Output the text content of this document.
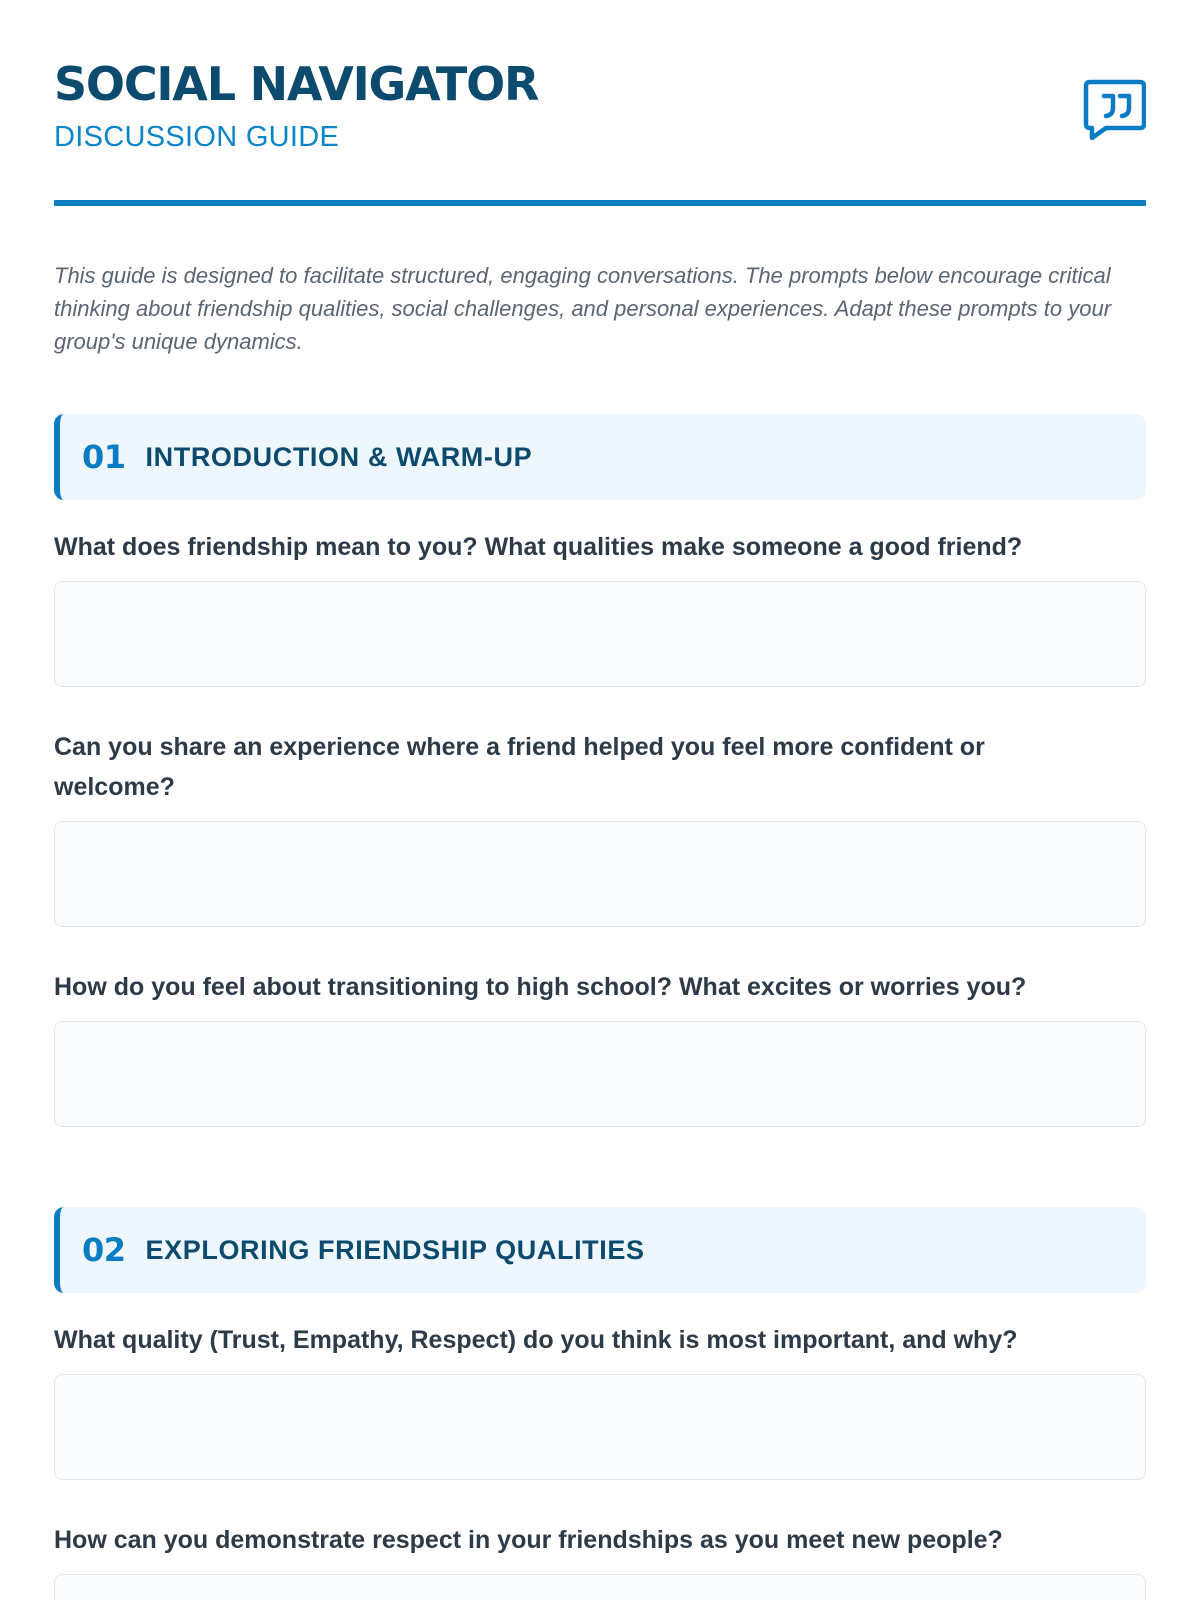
SOCIAL NAVIGATOR
DISCUSSION GUIDE

This guide is designed to facilitate structured, engaging conversations. The prompts below encourage critical thinking about friendship qualities, social challenges, and personal experiences. Adapt these prompts to your group's unique dynamics.

01 INTRODUCTION & WARM-UP

What does friendship mean to you? What qualities make someone a good friend?

Can you share an experience where a friend helped you feel more confident or welcome?

How do you feel about transitioning to high school? What excites or worries you?

02 EXPLORING FRIENDSHIP QUALITIES

What quality (Trust, Empathy, Respect) do you think is most important, and why?

How can you demonstrate respect in your friendships as you meet new people?
